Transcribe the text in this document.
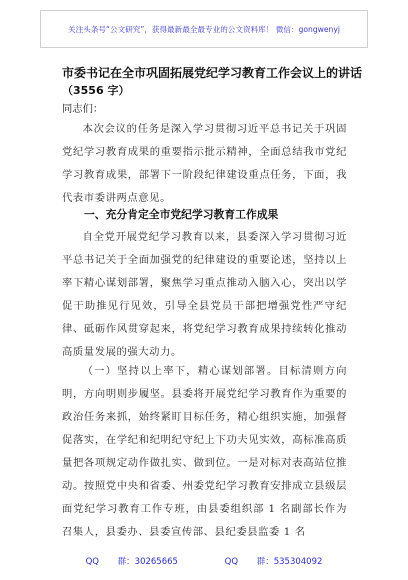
关注头条号“公文研究”，获得最新最全最专业的公文资料库！ 微信：gongwenyj
市委书记在全市巩固拓展党纪学习教育工作会议上的讲话
（3556 字）
同志们：
本次会议的任务是深入学习贯彻习近平总书记关于巩固党纪学习教育成果的重要指示批示精神，全面总结我市党纪学习教育成果，部署下一阶段纪律建设重点任务，下面，我代表市委讲两点意见。
一、充分肯定全市党纪学习教育工作成果
自全党开展党纪学习教育以来，县委深入学习贯彻习近平总书记关于全面加强党的纪律建设的重要论述，坚持以上率下精心谋划部署，聚焦学习重点推动入脑入心，突出以学促干助推见行见效，引导全县党员干部把增强党性严守纪律、砥砺作风贯穿起来，将党纪学习教育成果持续转化推动高质量发展的强大动力。
（一）坚持以上率下，精心谋划部署。目标清则方向明，方向明则步履坚。县委将开展党纪学习教育作为重要的政治任务来抓，始终紧盯目标任务，精心组织实施，加强督促落实，在学纪和纪明纪守纪上下功夫见实效，高标准高质量把各项规定动作做扎实、做到位。一是对标对表高站位推动。按照党中央和省委、州委党纪学习教育安排成立县级层面党纪学习教育工作专班，由县委组织部 1 名副部长作为召集人，县委办、县委宣传部、县纪委县监委 1 名
QQ 群：30265665	QQ 群：535304092
